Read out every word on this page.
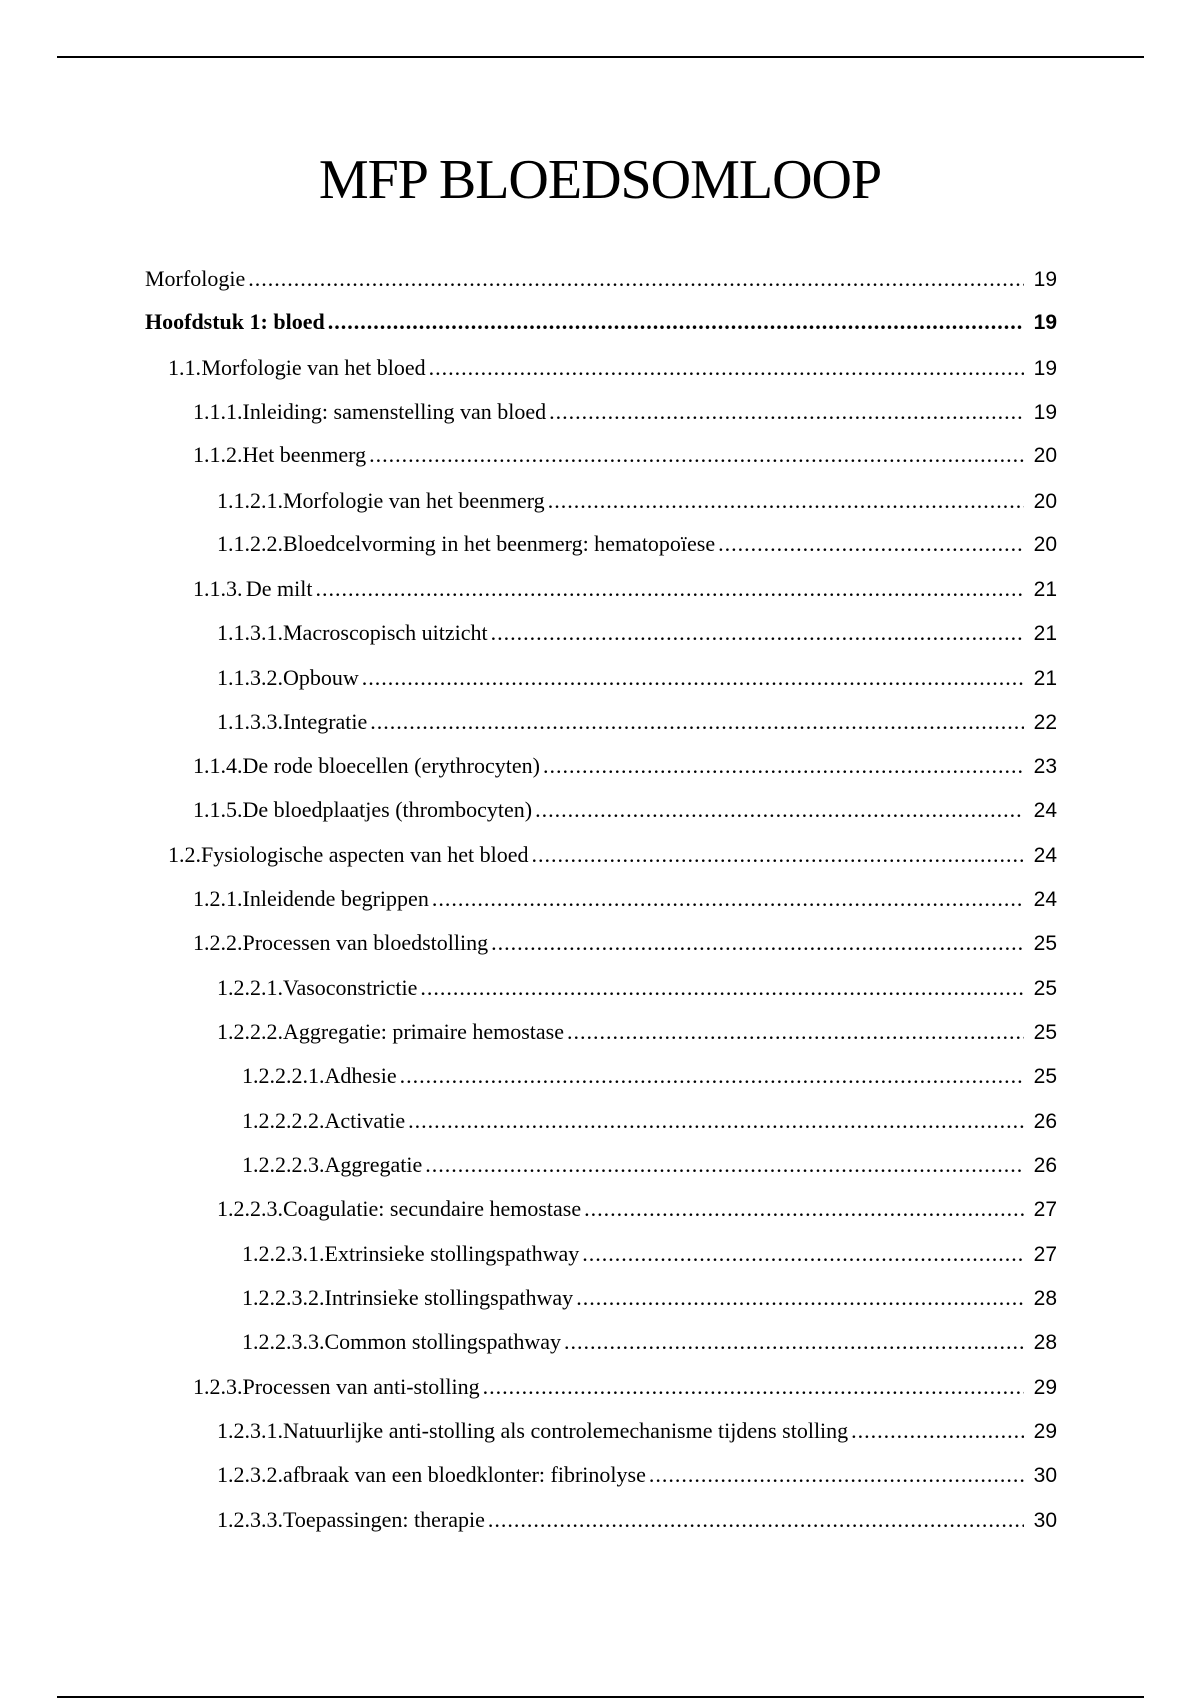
MFP BLOEDSOMLOOP
Morfologie .....	19
Hoofdstuk 1: bloed .....	19
1.1. Morfologie van het bloed .....	19
1.1.1. Inleiding: samenstelling van bloed .....	19
1.1.2. Het beenmerg .....	20
1.1.2.1. Morfologie van het beenmerg .....	20
1.1.2.2. Bloedcelvorming in het beenmerg: hematopoïese .....	20
1.1.3. De milt .....	21
1.1.3.1. Macroscopisch uitzicht .....	21
1.1.3.2. Opbouw .....	21
1.1.3.3. Integratie .....	22
1.1.4. De rode bloecellen (erythrocyten) .....	23
1.1.5. De bloedplaatjes (thrombocyten) .....	24
1.2. Fysiologische aspecten van het bloed .....	24
1.2.1. Inleidende begrippen .....	24
1.2.2. Processen van bloedstolling .....	25
1.2.2.1. Vasoconstrictie .....	25
1.2.2.2. Aggregatie: primaire hemostase .....	25
1.2.2.2.1. Adhesie .....	25
1.2.2.2.2. Activatie .....	26
1.2.2.2.3. Aggregatie .....	26
1.2.2.3. Coagulatie: secundaire hemostase .....	27
1.2.2.3.1. Extrinsieke stollingspathway .....	27
1.2.2.3.2. Intrinsieke stollingspathway .....	28
1.2.2.3.3. Common stollingspathway .....	28
1.2.3. Processen van anti-stolling .....	29
1.2.3.1. Natuurlijke anti-stolling als controlemechanisme tijdens stolling .....	29
1.2.3.2. afbraak van een bloedklonter: fibrinolyse .....	30
1.2.3.3. Toepassingen: therapie .....	30
